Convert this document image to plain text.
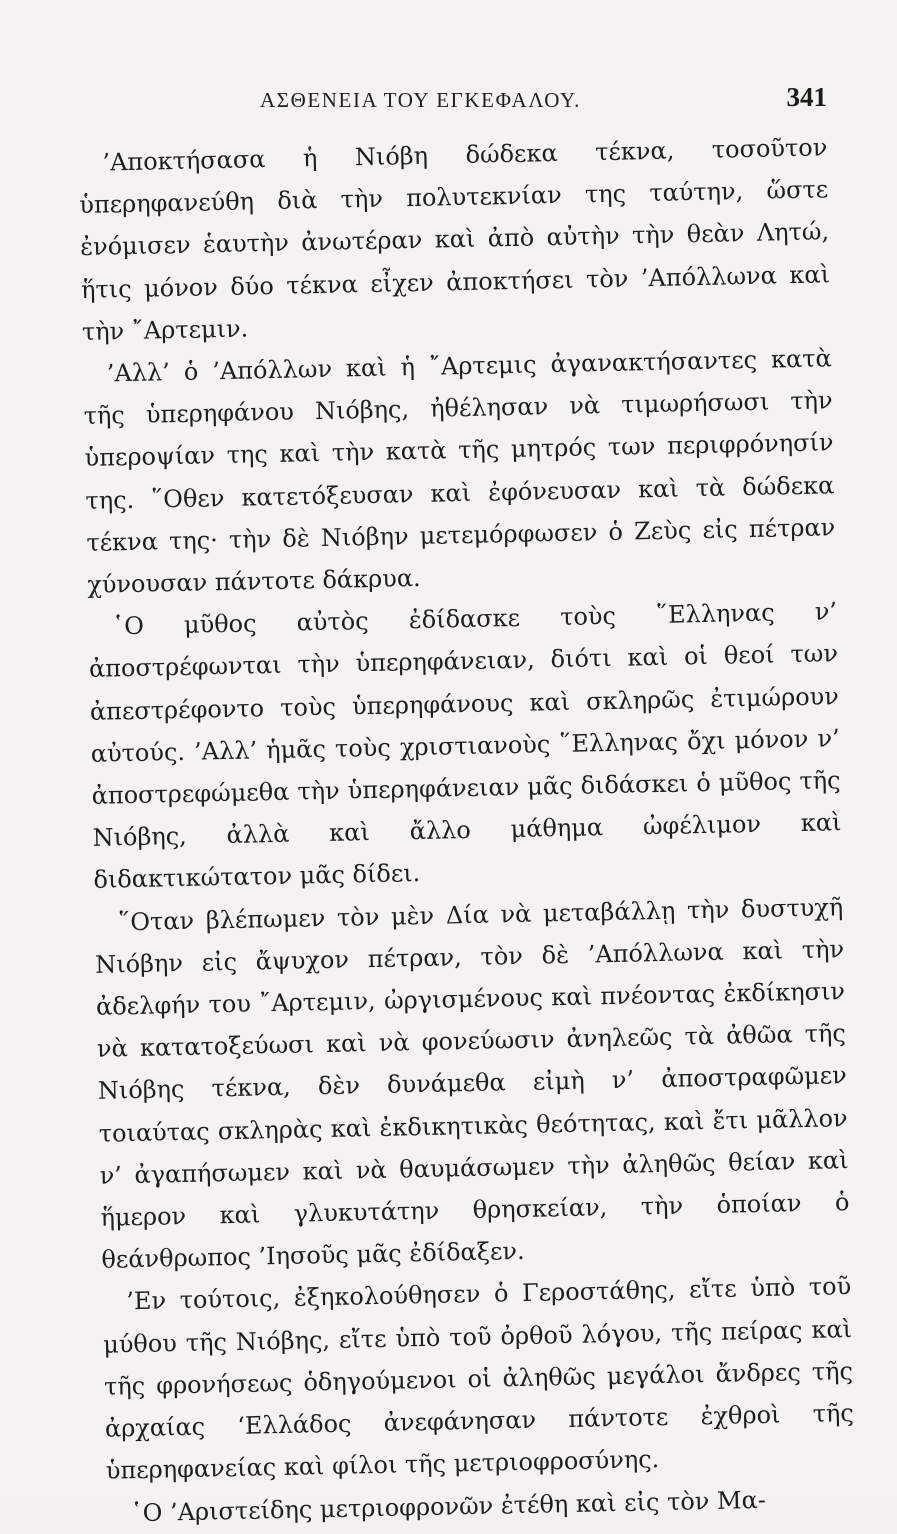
ΑΣΘΕΝΕΙΑ ΤΟΥ ΕΓΚΕΦΑΛΟΥ.	341

’Αποκτήσασα ἡ Νιόβη δώδεκα τέκνα, τοσοῦτον ὑπερηφανεύθη διὰ τὴν πολυτεκνίαν της ταύτην, ὥστε ἐνόμισεν ἑαυτὴν ἀνωτέραν καὶ ἀπὸ αὐτὴν τὴν θεὰν Λητώ, ἥτις μόνον δύο τέκνα εἶχεν ἀποκτήσει τὸν ’Απόλλωνα καὶ τὴν ῎Αρτεμιν.

’Αλλ’ ὁ ’Απόλλων καὶ ἡ ῎Αρτεμις ἀγανακτήσαντες κατὰ τῆς ὑπερηφάνου Νιόβης, ἠθέλησαν νὰ τιμωρήσωσι τὴν ὑπεροψίαν της καὶ τὴν κατὰ τῆς μητρός των περιφρόνησίν της. ῞Οθεν κατετόξευσαν καὶ ἐφόνευσαν καὶ τὰ δώδεκα τέκνα της· τὴν δὲ Νιόβην μετεμόρφωσεν ὁ Ζεὺς εἰς πέτραν χύνουσαν πάντοτε δάκρυα.

῾Ο μῦθος αὐτὸς ἐδίδασκε τοὺς ῞Ελληνας ν’ ἀποστρέφωνται τὴν ὑπερηφάνειαν, διότι καὶ οἱ θεοί των ἀπεστρέφοντο τοὺς ὑπερηφάνους καὶ σκληρῶς ἐτιμώρουν αὐτούς. ’Αλλ’ ἡμᾶς τοὺς χριστιανοὺς ῞Ελληνας ὄχι μόνον ν’ ἀποστρεφώμεθα τὴν ὑπερηφάνειαν μᾶς διδάσκει ὁ μῦθος τῆς Νιόβης, ἀλλὰ καὶ ἄλλο μάθημα ὠφέλιμον καὶ διδακτικώτατον μᾶς δίδει.

῞Οταν βλέπωμεν τὸν μὲν Δία νὰ μεταβάλλῃ τὴν δυστυχῆ Νιόβην εἰς ἄψυχον πέτραν, τὸν δὲ ’Απόλλωνα καὶ τὴν ἀδελφήν του ῎Αρτεμιν, ὠργισμένους καὶ πνέοντας ἐκδίκησιν νὰ κατατοξεύωσι καὶ νὰ φονεύωσιν ἀνηλεῶς τὰ ἀθῶα τῆς Νιόβης τέκνα, δὲν δυνάμεθα εἰμὴ ν’ ἀποστραφῶμεν τοιαύτας σκληρὰς καὶ ἐκδικητικὰς θεότητας, καὶ ἔτι μᾶλλον ν’ ἀγαπήσωμεν καὶ νὰ θαυμάσωμεν τὴν ἀληθῶς θείαν καὶ ἥμερον καὶ γλυκυτάτην θρησκείαν, τὴν ὁποίαν ὁ θεάνθρωπος ’Ιησοῦς μᾶς ἐδίδαξεν.

’Εν τούτοις, ἐξηκολούθησεν ὁ Γεροστάθης, εἴτε ὑπὸ τοῦ μύθου τῆς Νιόβης, εἴτε ὑπὸ τοῦ ὀρθοῦ λόγου, τῆς πείρας καὶ τῆς φρονήσεως ὁδηγούμενοι οἱ ἀληθῶς μεγάλοι ἄνδρες τῆς ἀρχαίας ‘Ελλάδος ἀνεφάνησαν πάντοτε ἐχθροὶ τῆς ὑπερηφανείας καὶ φίλοι τῆς μετριοφροσύνης.

῾Ο ’Αριστείδης μετριοφρονῶν ἐτέθη καὶ εἰς τὸν Μα-
